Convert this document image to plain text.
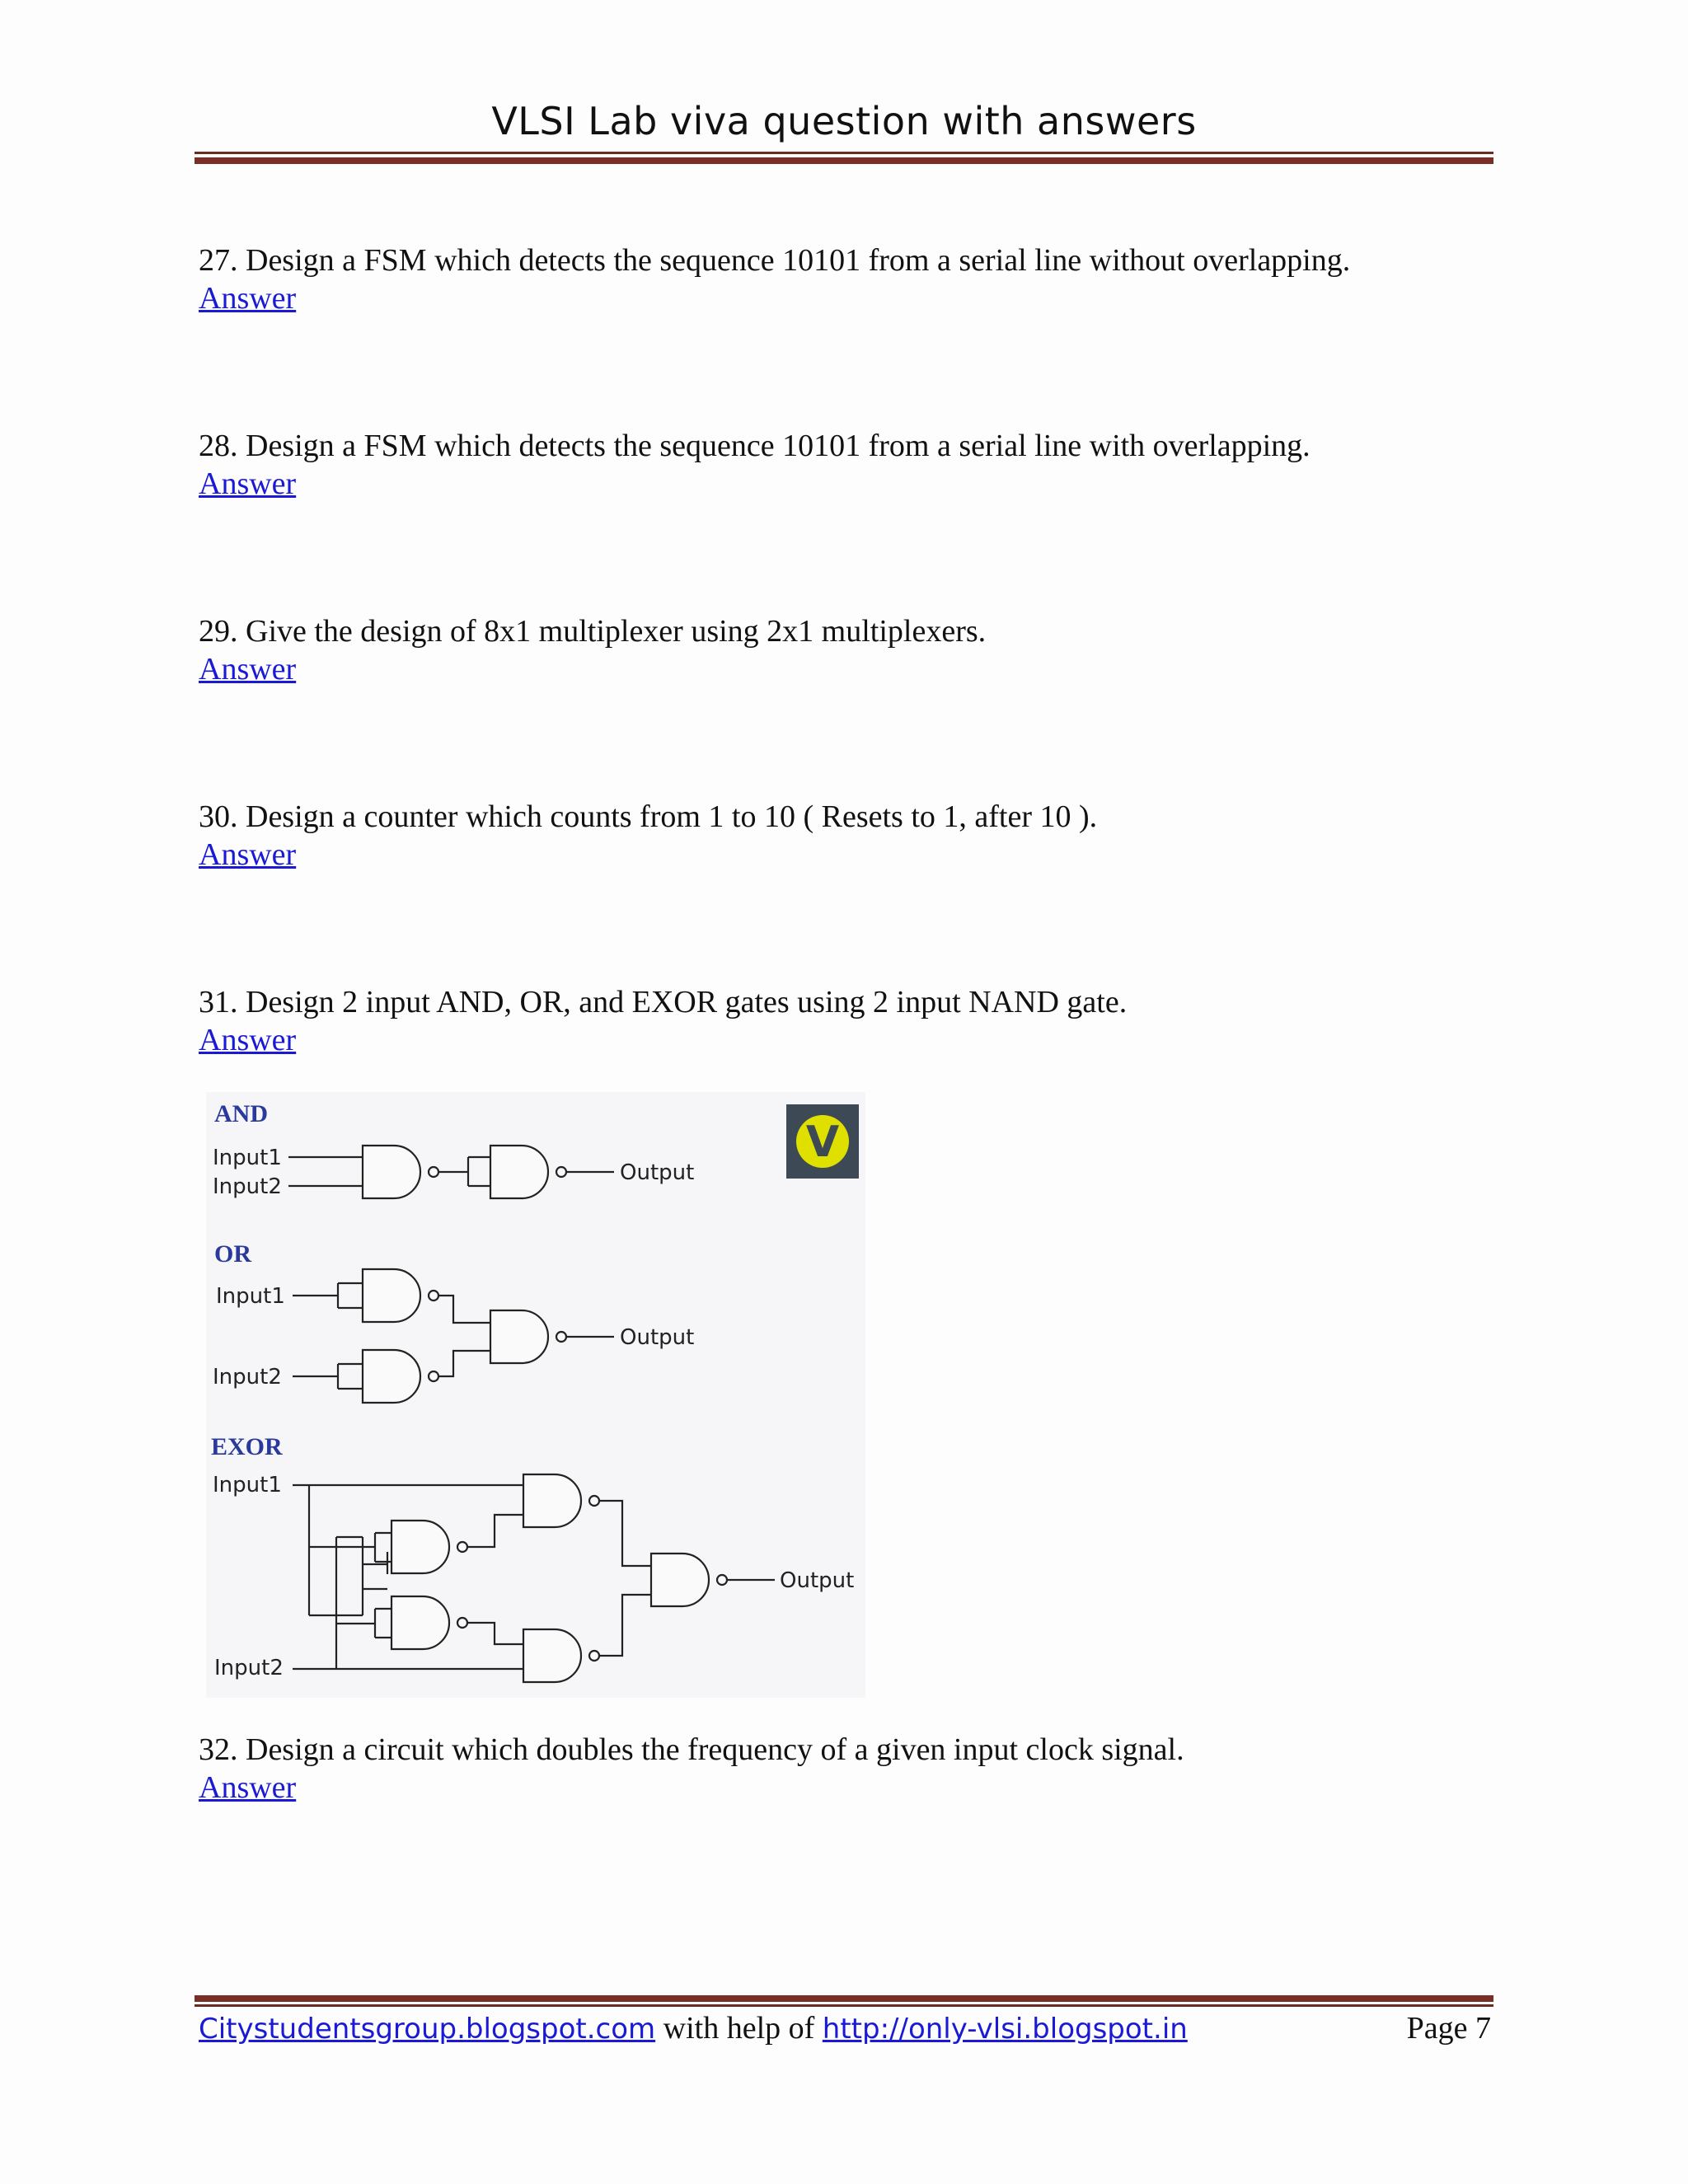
VLSI Lab viva question with answers

27. Design a FSM which detects the sequence 10101 from a serial line without overlapping.

Answer

28. Design a FSM which detects the sequence 10101 from a serial line with overlapping.

Answer

29. Give the design of 8x1 multiplexer using 2x1 multiplexers.

Answer

30. Design a counter which counts from 1 to 10 ( Resets to 1, after 10 ).

Answer

31. Design 2 input AND, OR, and EXOR gates using 2 input NAND gate.

Answer
V
AND
Input1
Input2
Output
OR
Input1
Input2
Output
EXOR
Input1
Input2
Output

32. Design a circuit which doubles the frequency of a given input clock signal.

Answer
Citystudentsgroup.blogspot.com with help of http://only-vlsi.blogspot.in	Page 7
